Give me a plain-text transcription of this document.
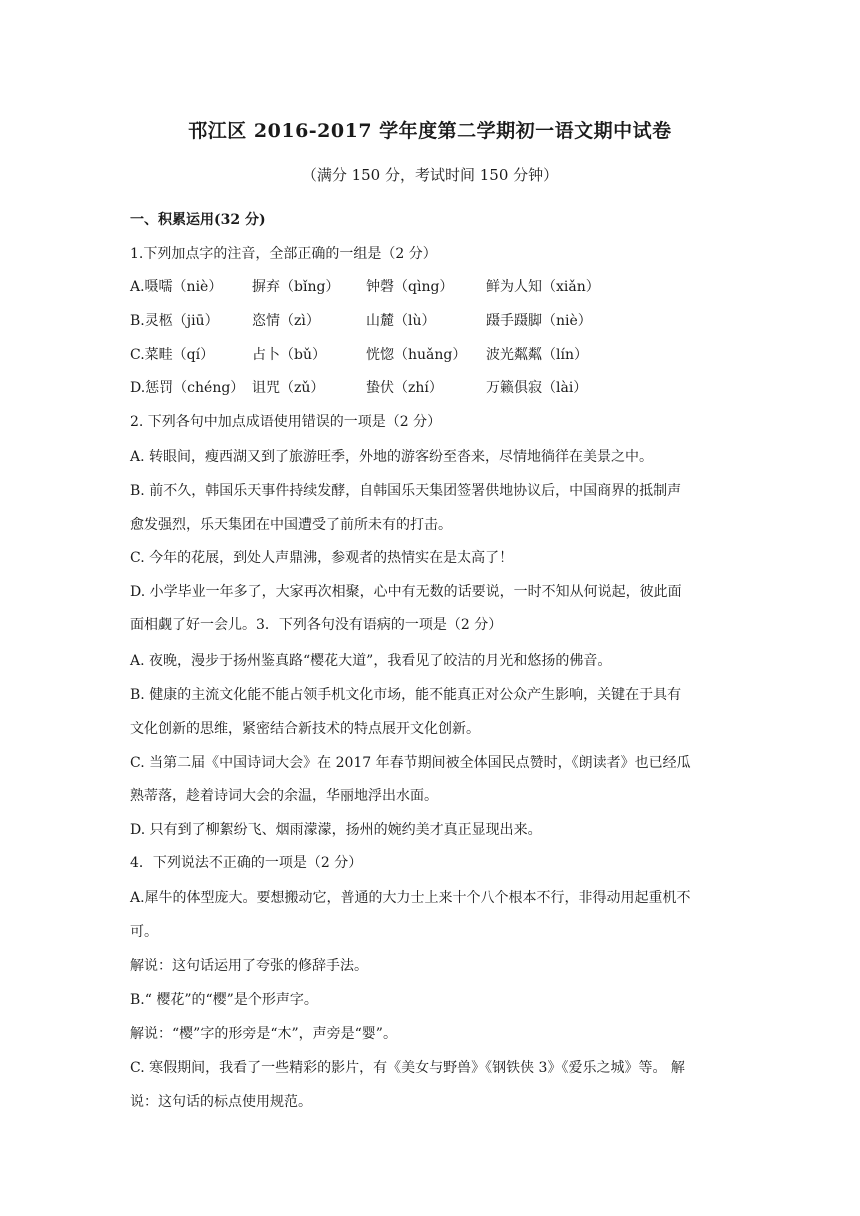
邗江区 2016-2017 学年度第二学期初一语文期中试卷
（满分 150 分，考试时间 150 分钟）
一、积累运用(32 分)
1.下列加点字的注音，全部正确的一组是（2 分）
A.嗫嚅（niè） 摒弃（bǐng） 钟磬（qìng） 鲜为人知（xiǎn）
B.灵柩（jiū） 恣情（zì）	山麓（lù）	蹑手蹑脚（niè）
C.菜畦（qí）	占卜（bǔ）	恍惚（huǎng） 波光粼粼（lín）
D.惩罚（chéng） 诅咒（zǔ）	蛰伏（zhí）	万籁俱寂（lài）
2. 下列各句中加点成语使用错误的一项是（2 分）
A. 转眼间，瘦西湖又到了旅游旺季，外地的游客纷至沓来，尽情地徜徉在美景之中。
B. 前不久，韩国乐天事件持续发酵，自韩国乐天集团签署供地协议后，中国商界的抵制声
愈发强烈，乐天集团在中国遭受了前所未有的打击。
C. 今年的花展，到处人声鼎沸，参观者的热情实在是太高了！
D. 小学毕业一年多了，大家再次相聚，心中有无数的话要说，一时不知从何说起，彼此面
面相觑了好一会儿。3．下列各句没有语病的一项是（2 分）
A. 夜晚，漫步于扬州鉴真路“樱花大道”，我看见了皎洁的月光和悠扬的佛音。
B. 健康的主流文化能不能占领手机文化市场，能不能真正对公众产生影响，关键在于具有
文化创新的思维，紧密结合新技术的特点展开文化创新。
C. 当第二届《中国诗词大会》在 2017 年春节期间被全体国民点赞时，《朗读者》也已经瓜
熟蒂落，趁着诗词大会的余温，华丽地浮出水面。
D. 只有到了柳絮纷飞、烟雨濛濛，扬州的婉约美才真正显现出来。
4．下列说法不正确的一项是（2 分）
A.犀牛的体型庞大。要想搬动它，普通的大力士上来十个八个根本不行，非得动用起重机不
可。
解说：这句话运用了夸张的修辞手法。
B.“ 樱花”的“樱”是个形声字。
解说：“樱”字的形旁是“木”，声旁是“婴”。
C. 寒假期间，我看了一些精彩的影片，有《美女与野兽》《钢铁侠 3》《爱乐之城》等。 解
说：这句话的标点使用规范。
